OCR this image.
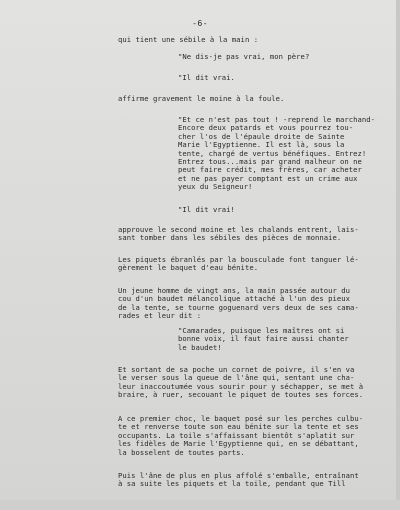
-6-
qui tient une sébile à la main :
"Ne dis-je pas vrai, mon père?
"Il dit vrai.
affirme gravement le moine à la foule.
"Et ce n'est pas tout ! -reprend le marchand-
Encore deux patards et vous pourrez tou-
cher l'os de l'épaule droite de Sainte
Marie l'Egyptienne. Il est là, sous la
tente, chargé de vertus bénéfiques. Entrez!
Entrez tous...mais par grand malheur on ne
peut faire crédit, mes frères, car acheter
et ne pas payer comptant est un crime aux
yeux du Seigneur!
"Il dit vrai!
approuve le second moine et les chalands entrent, lais-
sant tomber dans les sébiles des pièces de monnaie.
Les piquets ébranlés par la bousculade font tanguer lé-
gèrement le baquet d'eau bénite.
Un jeune homme de vingt ans, la main passée autour du
cou d'un baudet mélancolique attaché à l'un des pieux
de la tente, se tourne goguenard vers deux de ses cama-
rades et leur dit :
"Camarades, puisque les maîtres ont si
bonne voix, il faut faire aussi chanter
le baudet!
Et sortant de sa poche un cornet de poivre, il s'en va
le verser sous la queue de l'âne qui, sentant une cha-
leur inaccoutumée vous sourir pour y séchapper, se met à
braire, à ruer, secouant le piquet de toutes ses forces.
A ce premier choc, le baquet posé sur les perches culbu-
te et renverse toute son eau bénite sur la tente et ses
occupants. La toile s'affaissant bientôt s'aplatit sur
les fidèles de Marie l'Egyptienne qui, en se débattant,
la bosselent de toutes parts.
Puis l'âne de plus en plus affolé s'emballe, entraînant
à sa suite les piquets et la toile, pendant que Till
